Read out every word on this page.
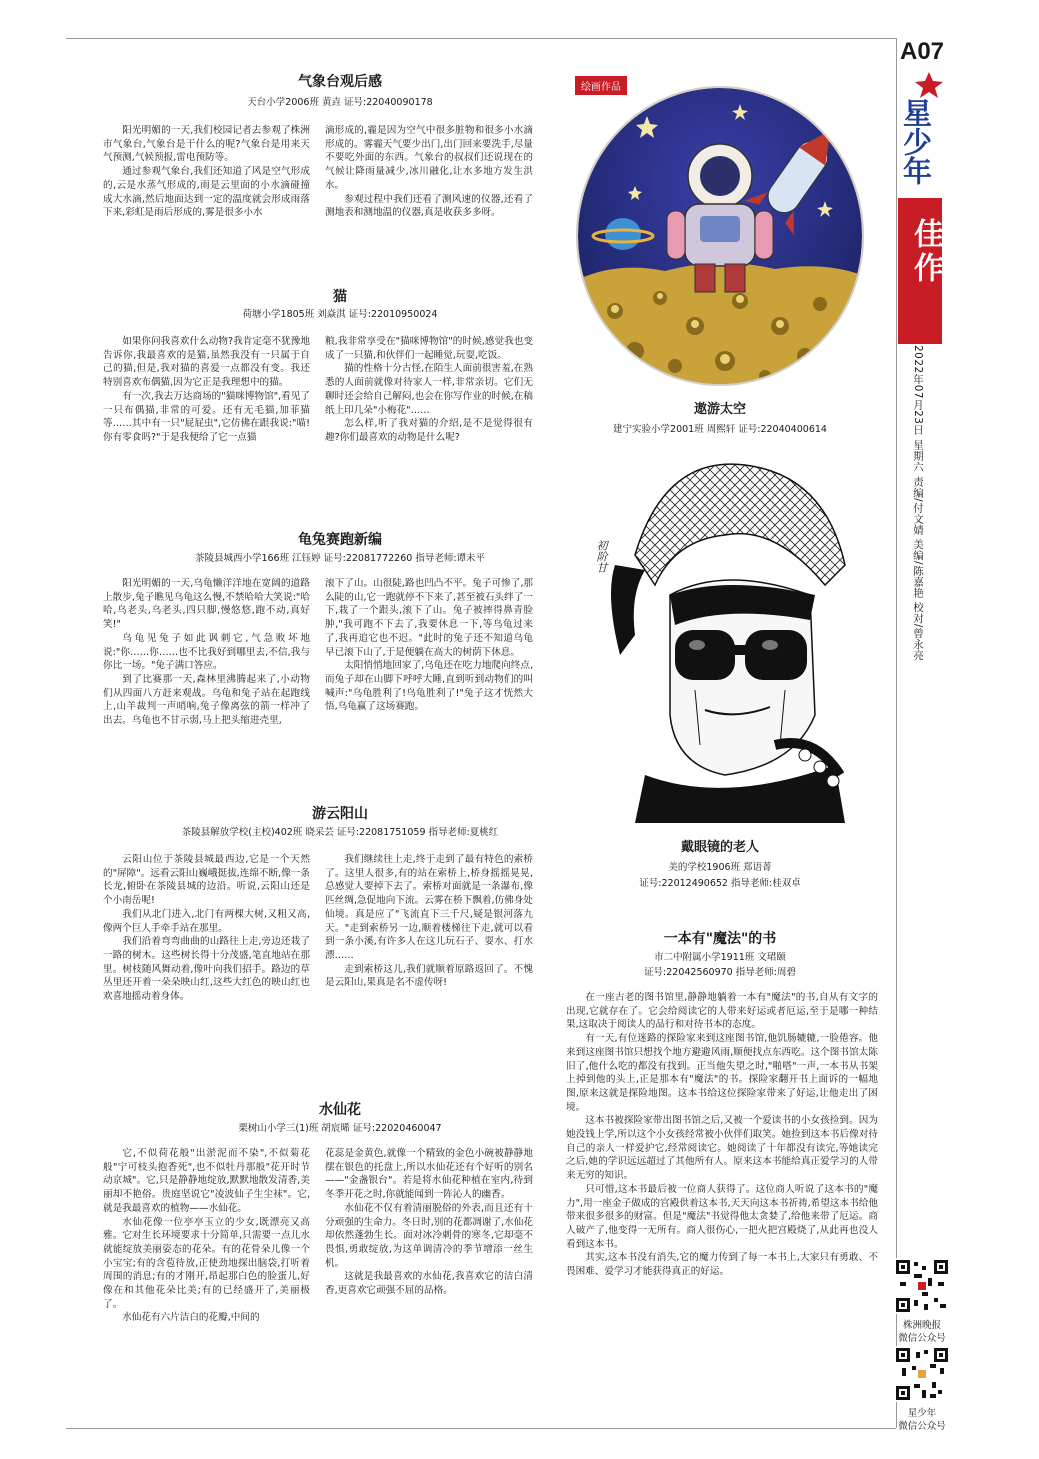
A07
星少年
佳作
2022年07月23日 星期六 责编/付文婧 美编/陈嘉艳 校对/曾永亮
气象台观后感
天台小学2006班 黄垚 证号:22040090178

阳光明媚的一天,我们校园记者去参观了株洲市气象台,气象台是干什么的呢?气象台是用来天气预测,气候预报,雷电预防等。

通过参观气象台,我们还知道了风是空气形成的,云是水蒸气形成的,雨是云里面的小水滴碰撞成大水滴,然后地面达到一定的温度就会形成雨落下来,彩虹是雨后形成的,雾是很多小水

滴形成的,霾是因为空气中很多脏物和很多小水滴形成的。雾霾天气要少出门,出门回来要洗手,尽量不要吃外面的东西。气象台的叔叔们还说现在的气候让降雨量减少,冰川融化,让水多地方发生洪水。

参观过程中我们还看了测风速的仪器,还看了测地表和测地温的仪器,真是收获多多呀。

猫
荷塘小学1805班 刘焱淇 证号:22010950024

如果你问我喜欢什么动物?我肯定毫不犹豫地告诉你,我最喜欢的是猫,虽然我没有一只属于自己的猫,但是,我对猫的喜爱一点都没有变。我还特别喜欢布偶猫,因为它正是我理想中的猫。

有一次,我去万达商场的"猫咪博物馆",看见了一只布偶猫,非常的可爱。还有无毛猫,加菲猫等……其中有一只"屁屁虫",它仿佛在跟我说:"喵!你有零食吗?"于是我便给了它一点猫

粮,我非常享受在"猫咪博物馆"的时候,感觉我也变成了一只猫,和伙伴们一起睡觉,玩耍,吃饭。

猫的性格十分古怪,在陌生人面前很害羞,在熟悉的人面前就像对待家人一样,非常亲切。它们无聊时还会给自己解闷,也会在你写作业的时候,在稿纸上印几朵"小梅花"……

怎么样,听了我对猫的介绍,是不是觉得很有趣?你们最喜欢的动物是什么呢?

龟兔赛跑新编
茶陵县城西小学166班 江钰婷 证号:22081772260 指导老师:谭未平

阳光明媚的一天,乌龟懒洋洋地在宽阔的道路上散步,兔子瞧见乌龟这么慢,不禁哈哈大笑说:"哈哈,乌老头,乌老头,四只脚,慢悠悠,跑不动,真好笑!"

乌龟见兔子如此讽刺它,气急败坏地说:"你……你……也不比我好到哪里去,不信,我与你比一场。"兔子满口答应。

到了比赛那一天,森林里沸腾起来了,小动物们从四面八方赶来观战。乌龟和兔子站在起跑线上,山羊裁判一声哨响,兔子像离弦的箭一样冲了出去。乌龟也不甘示弱,马上把头缩进壳里,

滚下了山。山很陡,路也凹凸不平。兔子可惨了,那么陡的山,它一跑就停不下来了,甚至被石头绊了一下,栽了一个跟头,滚下了山。兔子被摔得鼻青脸肿,"我可跑不下去了,我要休息一下,等乌龟过来了,我再追它也不迟。"此时的兔子还不知道乌龟早已滚下山了,于是便躺在高大的树荫下休息。

太阳悄悄地回家了,乌龟还在吃力地爬向终点,而兔子却在山脚下呼呼大睡,直到听到动物们的叫喊声:"乌龟胜利了!乌龟胜利了!"兔子这才恍然大悟,乌龟赢了这场赛跑。

游云阳山
茶陵县解放学校(主校)402班 晓采芸 证号:22081751059 指导老师:夏桃红

云阳山位于茶陵县城最西边,它是一个天然的"屏障"。远看云阳山巍峨挺拔,连绵不断,像一条长龙,俯卧在茶陵县城的边沿。听说,云阳山还是个小南岳呢!

我们从北门进入,北门有两棵大树,又粗又高,像两个巨人手牵手站在那里。

我们沿着弯弯曲曲的山路往上走,旁边还栽了一路的树木。这些树长得十分茂盛,笔直地站在那里。树枝随风舞动着,像叶向我们招手。路边的草丛里还开着一朵朵映山红,这些大红色的映山红也欢喜地摇动着身体。

我们继续往上走,终于走到了最有特色的索桥了。这里人很多,有的站在索桥上,桥身摇摇晃晃,总感觉人要掉下去了。索桥对面就是一条瀑布,像匹丝绸,急促地向下流。云雾在桥下飘着,仿佛身处仙境。真是应了"飞流直下三千尺,疑是银河落九天。"走到索桥另一边,顺着楼梯往下走,就可以看到一条小溪,有许多人在这儿玩石子、耍水、打水漂……

走到索桥这儿,我们就顺着原路返回了。不愧是云阳山,果真是名不虚传呀!

水仙花
栗树山小学三(1)班 胡宸晞 证号:22020460047

它,不似荷花般"出淤泥而不染",不似菊花般"宁可枝头抱香死",也不似牡丹那般"花开时节动京城"。它,只是静静地绽放,默默地散发清香,美丽却不艳俗。贵庭坚说它"凌波仙子生尘袜"。它,就是我最喜欢的植物——水仙花。

水仙花像一位亭亭玉立的少女,既漂亮又高雅。它对生长环境要求十分简单,只需要一点儿水就能绽放美丽姿态的花朵。有的花骨朵儿像一个小宝宝;有的含苞待放,正使劲地探出脑袋,打听着周围的消息;有的才刚开,昂起那白色的脸蛋儿,好像在和其他花朵比美;有的已经盛开了,美丽极了。

水仙花有六片洁白的花瓣,中间的

花蕊是金黄色,就像一个精致的金色小碗被静静地摆在银色的托盘上,所以水仙花还有个好听的别名——"金盏银台"。若是将水仙花种植在室内,待到冬季开花之时,你就能闻到一阵沁人的幽香。

水仙花不仅有着清丽脱俗的外表,而且还有十分顽强的生命力。冬日时,别的花都凋谢了,水仙花却依然蓬勃生长。面对冰冷刺骨的寒冬,它却毫不畏惧,勇敢绽放,为这单调清冷的季节增添一丝生机。

这就是我最喜欢的水仙花,我喜欢它的洁白清香,更喜欢它顽强不屈的品格。

绘画作品
遨游太空
建宁实验小学2001班 周熙轩 证号:22040400614
初阶甘
戴眼镜的老人
美的学校1906班 郑语菁
证号:22012490652 指导老师:桂双卓
一本有"魔法"的书
市二中附属小学1911班 文珺颐
证号:22042560970 指导老师:周碧

在一座古老的图书馆里,静静地躺着一本有"魔法"的书,自从有文字的出现,它就存在了。它会给阅读它的人带来好运或者厄运,至于是哪一种结果,这取决于阅读人的品行和对待书本的态度。

有一天,有位迷路的探险家来到这座图书馆,他饥肠辘辘,一脸倦容。他来到这座图书馆只想找个地方避避风雨,顺便找点东西吃。这个图书馆太陈旧了,他什么吃的都没有找到。正当他失望之时,"啪嗒"一声,一本书从书架上掉到他的头上,正是那本有"魔法"的书。探险家翻开书上面诉的一幅地图,原来这就是探险地图。这本书给这位探险家带来了好运,让他走出了困境。

这本书被探险家带出图书馆之后,又被一个爱读书的小女孩捡到。因为她没钱上学,所以这个小女孩经常被小伙伴们取笑。她捡到这本书后像对待自己的亲人一样爱护它,经常阅读它。她阅读了十年都没有读完,等她读完之后,她的学识远远超过了其他所有人。原来这本书能给真正爱学习的人带来无穷的知识。

只可惜,这本书最后被一位商人获得了。这位商人听说了这本书的"魔力",用一座金子做成的宫殿供着这本书,天天向这本书祈祷,希望这本书给他带来很多很多的财富。但是"魔法"书觉得他太贪婪了,给他来带了厄运。商人破产了,他变得一无所有。商人很伤心,一把火把宫殿烧了,从此再也没人看到这本书。

其实,这本书没有消失,它的魔力传到了每一本书上,大家只有勇敢、不畏困难、爱学习才能获得真正的好运。

株洲晚报
微信公众号
星少年
微信公众号
